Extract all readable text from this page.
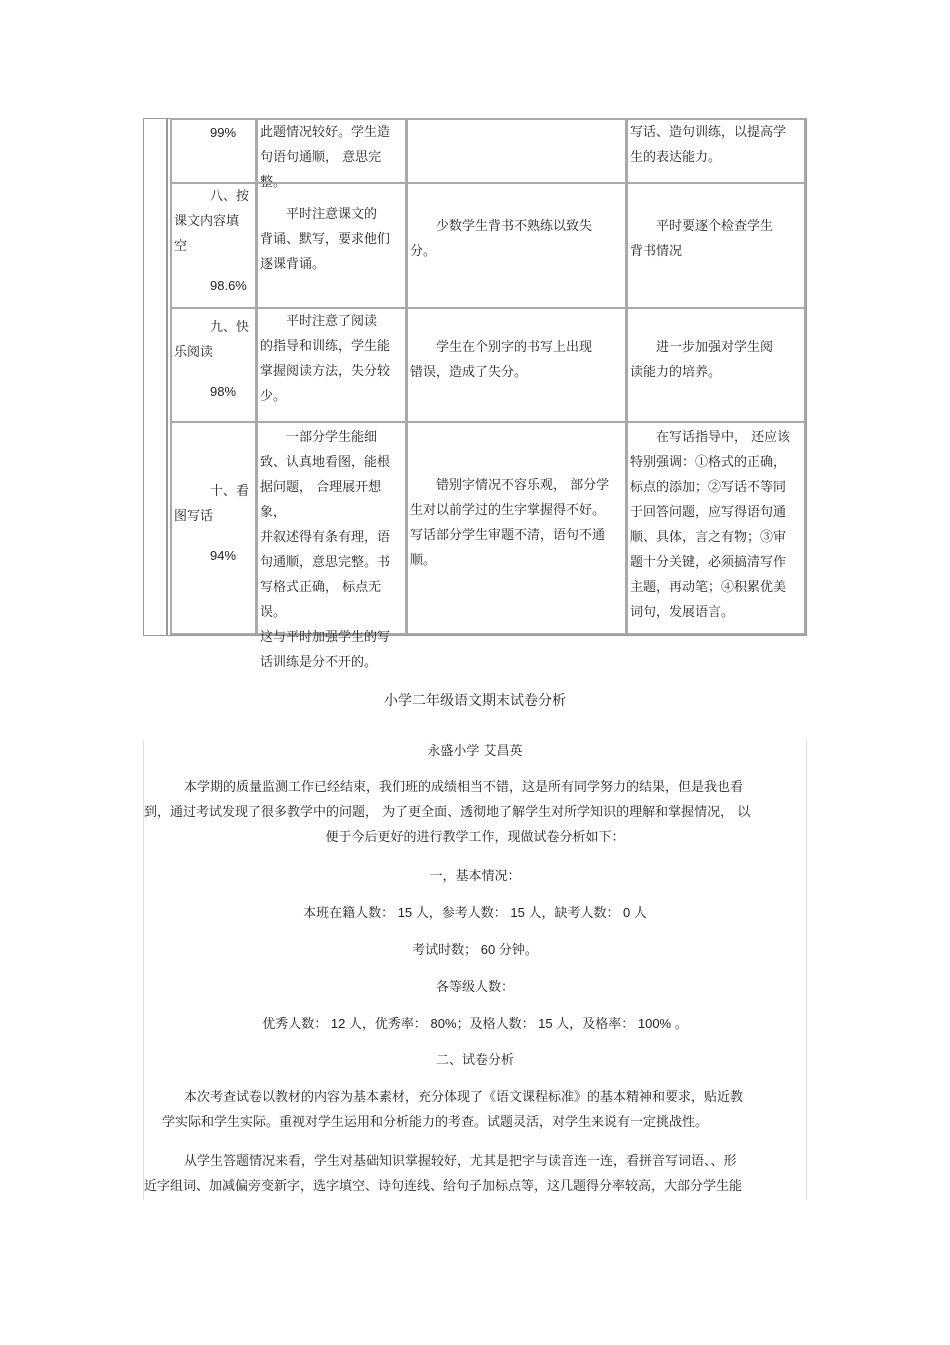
99%	此题情况较好。学生造
句语句通顺， 意思完整。
写话、造句训练，以提高学
生的表达能力。
八、按
课文内容填
空
98.6%
平时注意课文的
背诵、默写，要求他们
逐课背诵。
少数学生背书不熟练以致失
分。
平时要逐个检查学生
背书情况
九、快
乐阅读
98%
平时注意了阅读
的指导和训练，学生能
掌握阅读方法，失分较
少。
学生在个别字的书写上出现
错误，造成了失分。
进一步加强对学生阅
读能力的培养。
十、看
图写话
94%
一部分学生能细
致、认真地看图，能根
据问题， 合理展开想象，
并叙述得有条有理，语
句通顺，意思完整。书
写格式正确， 标点无误。
这与平时加强学生的写
话训练是分不开的。
错别字情况不容乐观， 部分学
生对以前学过的生字掌握得不好。
写话部分学生审题不清，语句不通
顺。
在写话指导中， 还应该
特别强调：①格式的正确，
标点的添加；②写话不等同
于回答问题，应写得语句通
顺、具体，言之有物；③审
题十分关键，必须搞清写作
主题，再动笔；④积累优美
词句，发展语言。
小学二年级语文期末试卷分析
永盛小学 艾昌英
本学期的质量监测工作已经结束，我们班的成绩相当不错，这是所有同学努力的结果，但是我也看
到，通过考试发现了很多教学中的问题， 为了更全面、透彻地了解学生对所学知识的理解和掌握情况， 以
便于今后更好的进行教学工作，现做试卷分析如下：
一，基本情况：
本班在籍人数： 15 人，参考人数： 15 人，缺考人数： 0 人
考试时数； 60 分钟。
各等级人数：
优秀人数： 12 人，优秀率： 80%；及格人数： 15 人，及格率： 100% 。
二、试卷分析
本次考查试卷以教材的内容为基本素材，充分体现了《语文课程标准》的基本精神和要求，贴近教
学实际和学生实际。重视对学生运用和分析能力的考查。试题灵活，对学生来说有一定挑战性。
从学生答题情况来看，学生对基础知识掌握较好，尤其是把字与读音连一连，看拼音写词语、、形
近字组词、加减偏旁变新字，选字填空、诗句连线、给句子加标点等，这几题得分率较高，大部分学生能
